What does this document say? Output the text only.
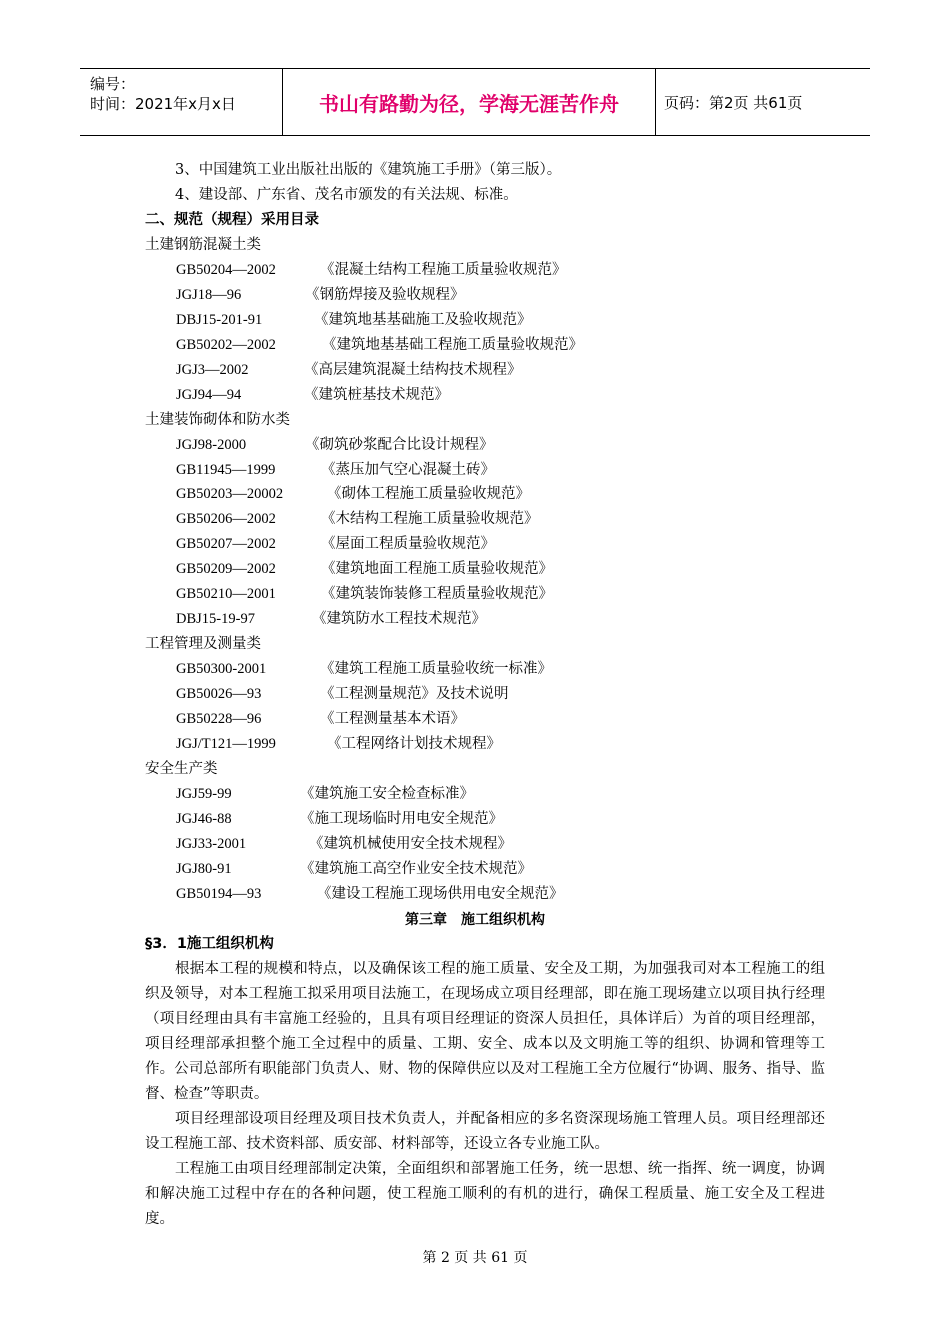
编号：
时间：2021年x月x日	书山有路勤为径，学海无涯苦作舟	页码：第2页 共61页
3、中国建筑工业出版社出版的《建筑施工手册》（第三版）。
4、建设部、广东省、茂名市颁发的有关法规、标准。
二、规范（规程）采用目录
土建钢筋混凝土类
GB50204—2002	《混凝土结构工程施工质量验收规范》
JGJ18—96	《钢筋焊接及验收规程》
DBJ15-201-91	《建筑地基基础施工及验收规范》
GB50202—2002	《建筑地基基础工程施工质量验收规范》
JGJ3—2002	《高层建筑混凝土结构技术规程》
JGJ94—94	《建筑桩基技术规范》
土建装饰砌体和防水类
JGJ98-2000	《砌筑砂浆配合比设计规程》
GB11945—1999	《蒸压加气空心混凝土砖》
GB50203—20002	《砌体工程施工质量验收规范》
GB50206—2002	《木结构工程施工质量验收规范》
GB50207—2002	《屋面工程质量验收规范》
GB50209—2002	《建筑地面工程施工质量验收规范》
GB50210—2001	《建筑装饰装修工程质量验收规范》
DBJ15-19-97	《建筑防水工程技术规范》
工程管理及测量类
GB50300-2001	《建筑工程施工质量验收统一标准》
GB50026—93	《工程测量规范》及技术说明
GB50228—96	《工程测量基本术语》
JGJ/T121—1999	《工程网络计划技术规程》
安全生产类
JGJ59-99	《建筑施工安全检查标准》
JGJ46-88	《施工现场临时用电安全规范》
JGJ33-2001	《建筑机械使用安全技术规程》
JGJ80-91	《建筑施工高空作业安全技术规范》
GB50194—93	《建设工程施工现场供用电安全规范》
第三章　施工组织机构
§3．1施工组织机构
根据本工程的规模和特点，以及确保该工程的施工质量、安全及工期，为加强我司对本工程施工的组织及领导，对本工程施工拟采用项目法施工，在现场成立项目经理部，即在施工现场建立以项目执行经理（项目经理由具有丰富施工经验的，且具有项目经理证的资深人员担任，具体详后）为首的项目经理部，项目经理部承担整个施工全过程中的质量、工期、安全、成本以及文明施工等的组织、协调和管理等工作。公司总部所有职能部门负责人、财、物的保障供应以及对工程施工全方位履行“协调、服务、指导、监督、检查”等职责。
项目经理部设项目经理及项目技术负责人，并配备相应的多名资深现场施工管理人员。项目经理部还设工程施工部、技术资料部、质安部、材料部等，还设立各专业施工队。
工程施工由项目经理部制定决策，全面组织和部署施工任务，统一思想、统一指挥、统一调度，协调和解决施工过程中存在的各种问题，使工程施工顺利的有机的进行，确保工程质量、施工安全及工程进度。
第 2 页 共 61 页
